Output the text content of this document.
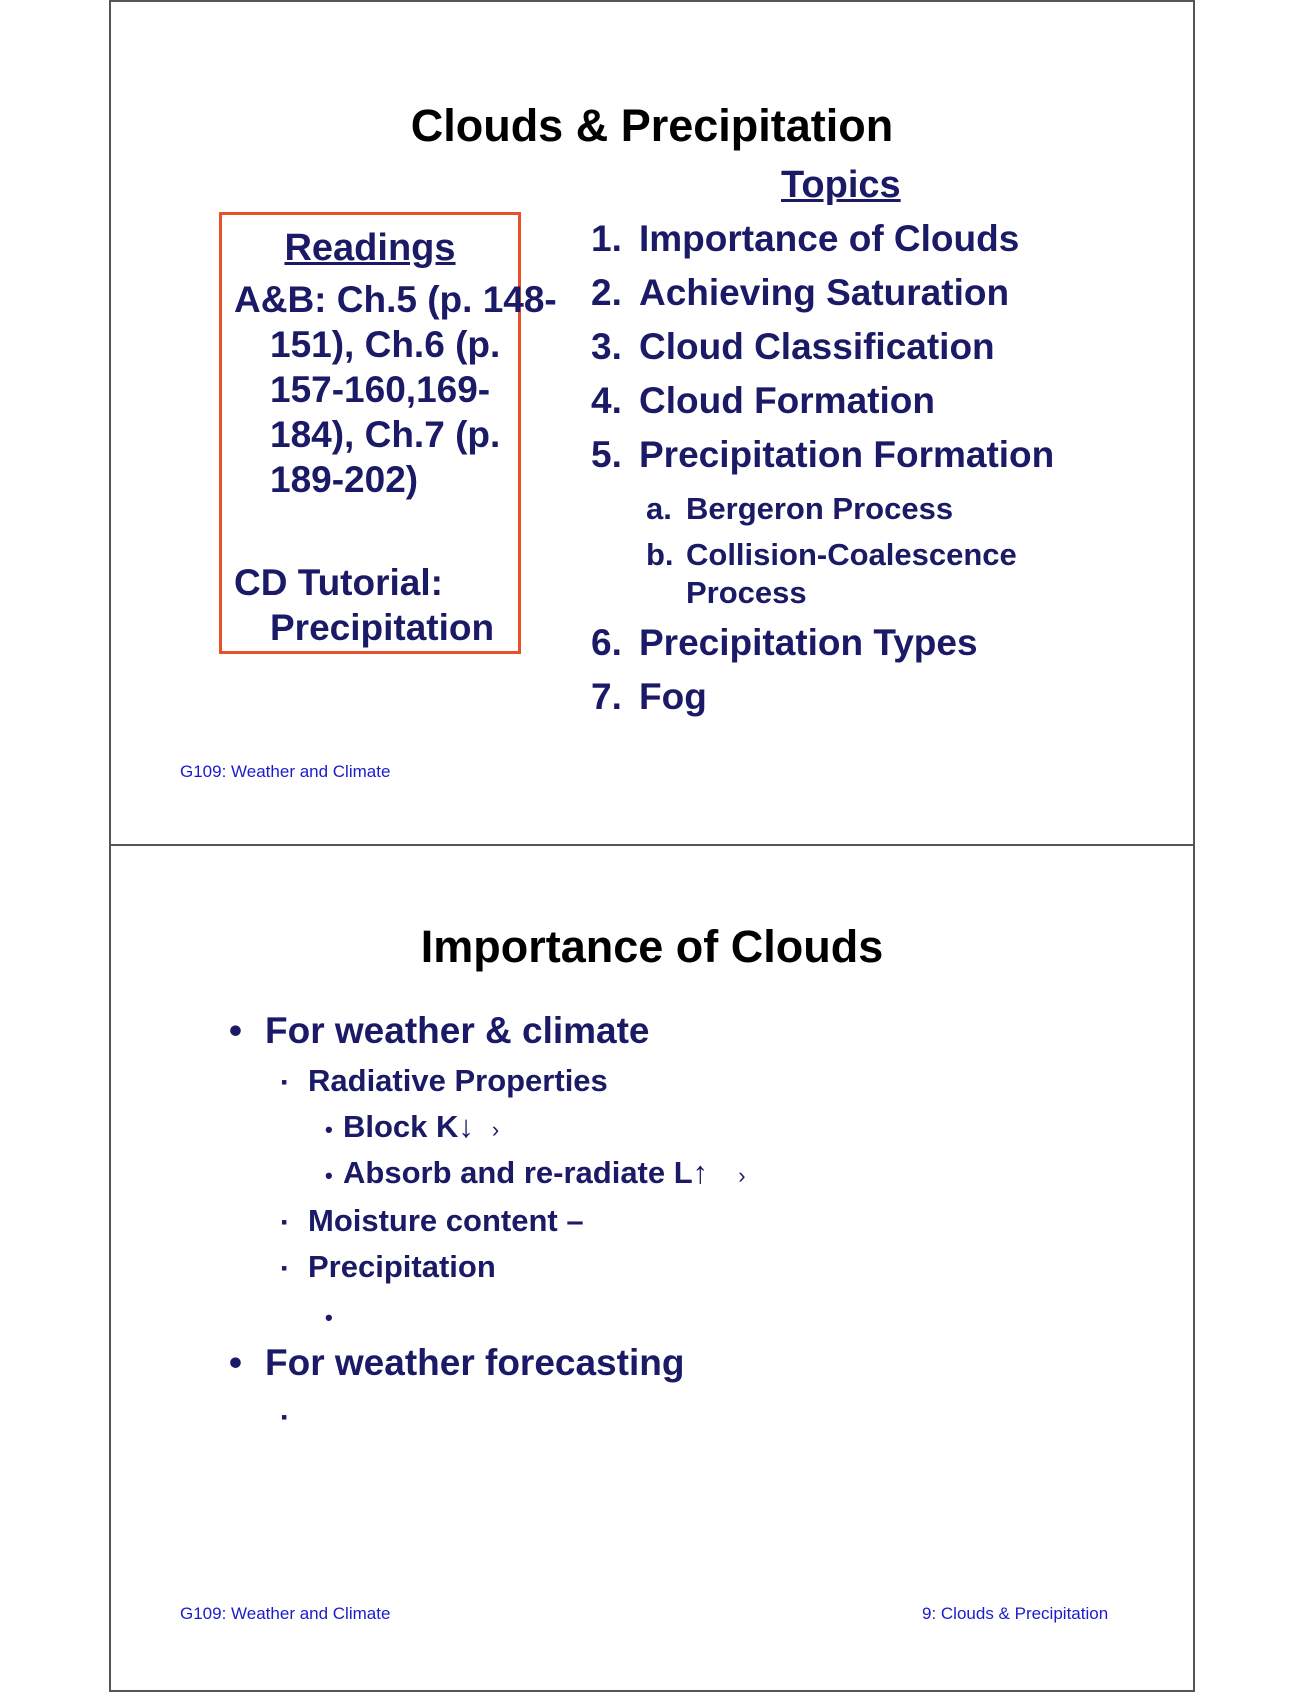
Clouds & Precipitation
Readings
A&B: Ch.5 (p. 148-151), Ch.6 (p. 157-160,169-184), Ch.7 (p. 189-202)
CD Tutorial: Precipitation
Topics
1. Importance of Clouds
2. Achieving Saturation
3. Cloud Classification
4. Cloud Formation
5. Precipitation Formation
a. Bergeron Process
b. Collision-Coalescence Process
6. Precipitation Types
7. Fog
G109: Weather and Climate
Importance of Clouds
• For weather & climate
▪ Radiative Properties
• Block K↓ ›
• Absorb and re-radiate L↑ ›
▪ Moisture content –
▪ Precipitation
•
• For weather forecasting
▪
G109: Weather and Climate	9: Clouds & Precipitation
